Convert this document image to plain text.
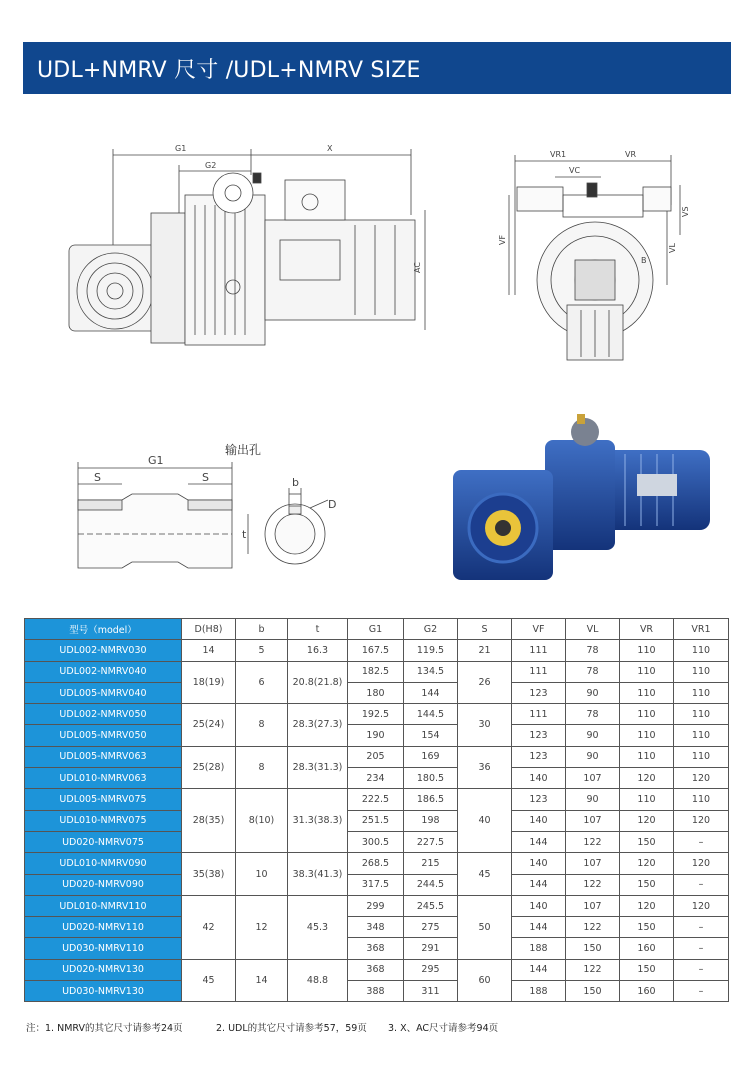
UDL+NMRV 尺寸 /UDL+NMRV SIZE
G1
G2
X
AC
VR1	VR
VC
VF
VL
VS
B
输出孔
G1
S	S	b
D
t
型号（model）	D(H8)	b	t	G1	G2	S	VF	VL	VR	VR1
UDL002-NMRV030	14	5	16.3	167.5	119.5	21	111	78	110	110
UDL002-NMRV040	18(19)	6	20.8(21.8)	182.5	134.5	26	111	78	110	110
UDL005-NMRV040				180	144		123	90	110	110
UDL002-NMRV050	25(24)	8	28.3(27.3)	192.5	144.5	30	111	78	110	110
UDL005-NMRV050				190	154		123	90	110	110
UDL005-NMRV063	25(28)	8	28.3(31.3)	205	169	36	123	90	110	110
UDL010-NMRV063				234	180.5		140	107	120	120
UDL005-NMRV075	28(35)	8(10)	31.3(38.3)	222.5	186.5	40	123	90	110	110
UDL010-NMRV075				251.5	198		140	107	120	120
UD020-NMRV075				300.5	227.5		144	122	150	–
UDL010-NMRV090	35(38)	10	38.3(41.3)	268.5	215	45	140	107	120	120
UD020-NMRV090				317.5	244.5		144	122	150	–
UDL010-NMRV110	42	12	45.3	299	245.5	50	140	107	120	120
UD020-NMRV110				348	275		144	122	150	–
UD030-NMRV110				368	291		188	150	160	–
UD020-NMRV130	45	14	48.8	368	295	60	144	122	150	–
UD030-NMRV130				388	311		188	150	160	–
注：1. NMRV的其它尺寸请参考24页	2. UDL的其它尺寸请参考57，59页 3. X、AC尺寸请参考94页
